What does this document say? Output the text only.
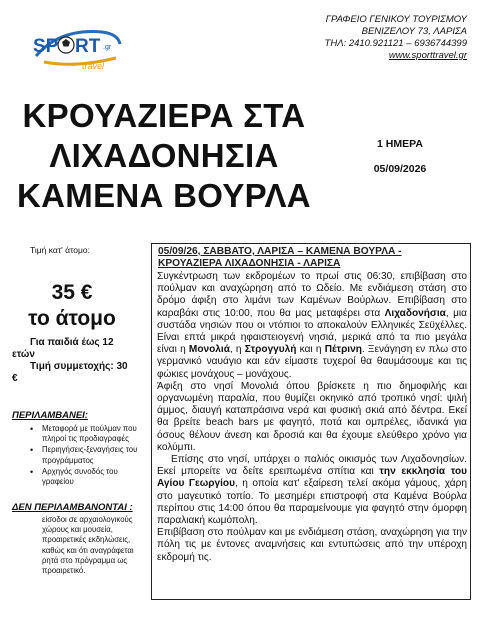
SP RT .gr
travel
ΓΡΑΦΕΙΟ ΓΕΝΙΚΟΥ ΤΟΥΡΙΣΜΟΥ
ΒΕΝΙΖΕΛΟΥ 73, ΛΑΡΙΣΑ
ΤΗΛ: 2410.921121 – 6936744399
www.sporttravel.gr
ΚΡΟΥΑΖΙΕΡΑ ΣΤΑ
ΛΙΧΑΔΟΝΗΣΙΑ
ΚΑΜΕΝΑ ΒΟΥΡΛΑ
1 ΗΜΕΡΑ
05/09/2026
Τιμή κατ' άτομο:
35 €
το άτομο
Για παιδιά έως 12
ετών
Τιμή συμμετοχής: 30
€
ΠΕΡΙΛΑΜΒΑΝΕΙ:
• Μεταφορά με πούλμαν που πληροί τις προδιαγραφές
• Περιηγήσεις-ξεναγήσεις του προγράμματος
• Αρχηγός συνοδός του γραφείου
ΔΕΝ ΠΕΡΙΛΑΜΒΑΝΟΝΤΑΙ :
είσοδοι σε αρχαιολογικούς χώρους και μουσεία, προαιρετικές εκδηλώσεις, καθώς και ότι αναγράφεται ρητά στο πρόγραμμα ως προαιρετικό.
05/09/26, ΣΑΒΒΑΤΟ, ΛΑΡΙΣΑ – ΚΑΜΕΝΑ ΒΟΥΡΛΑ - ΚΡΟΥΑΖΙΕΡΑ ΛΙΧΑΔΟΝΗΣΙΑ - ΛΑΡΙΣΑ

Συγκέντρωση των εκδρομέων το πρωί στις 06:30, επιβίβαση στο πούλμαν και αναχώρηση από το Ωδείο. Με ενδιάμεση στάση στο δρόμο άφιξη στο λιμάνι των Καμένων Βούρλων. Επιβίβαση στο καραβάκι στις 10:00, που θα μας μεταφέρει στα Λιχαδονήσια, μια συστάδα νησιών που οι ντόπιοι το αποκαλούν Ελληνικές Σεϋχέλλες. Είναι επτά μικρά ηφαιστειογενή νησιά, μερικά από τα πιο μεγάλα είναι η Μονολιά, η Στρογγυλή και η Πέτρινη. Ξενάγηση εν πλω στο γερμανικό ναυάγιο και εάν είμαστε τυχεροί θα θαυμάσουμε και τις φώκιες μονάχους – μονάχους.

Άφιξη στο νησί Μονολιά όπου βρίσκετε η πιο δημοφιλής και οργανωμένη παραλία, που θυμίζει οκηνικό από τροπικό νησί: ψιλή άμμος, διαυγή καταπράσινα νερά και φυσική σκιά από δέντρα. Εκεί θα βρείτε beach bars με φαγητό, ποτά και ομπρέλες, ιδανικά για όσους θέλουν άνεση και δροσιά και θα έχουμε ελεύθερο χρόνο για κολύμπι.

Επίσης στο νησί, υπάρχει ο παλιός οικισμός των Λιχαδονησίων. Εκεί μπορείτε να δείτε ερειπωμένα σπίτια και την εκκλησία του Αγίου Γεωργίου, η οποία κατ' εξαίρεση τελεί ακόμα γάμους, χάρη στο μαγευτικό τοπίο. Το μεσημέρι επιστροφή στα Καμένα Βούρλα περίπου στις 14:00 όπου θα παραμείνουμε για φαγητό στην όμορφη παραλιακή κωμόπολη.

Επιβίβαση στο πούλμαν και με ενδιάμεση στάση, αναχώρηση για την πόλη τις με έντονες αναμνήσεις και εντυπώσεις από την υπέροχη εκδρομή τις.
